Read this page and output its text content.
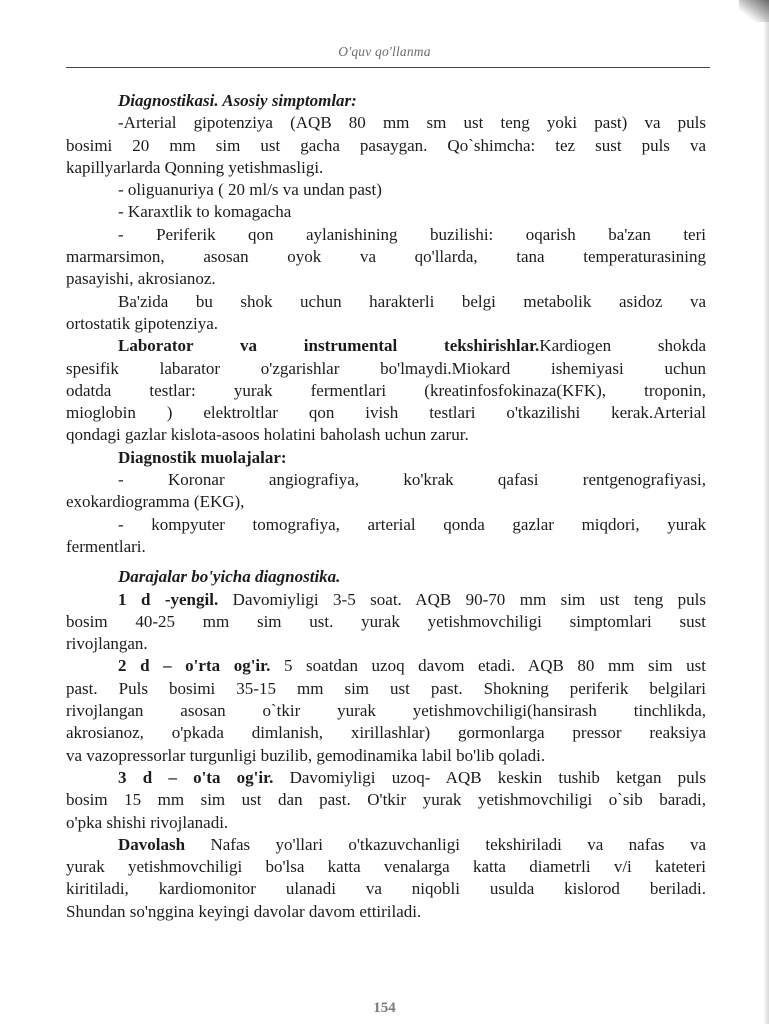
O'quv qo'llanma
Diagnostikasi. Asosiy simptomlar:
-Arterial gipotenziya (AQB 80 mm sm ust teng yoki past) va puls
bosimi 20 mm sim ust gacha pasaygan. Qo`shimcha: tez sust puls va
kapillyarlarda Qonning yetishmasligi.
- oliguanuriya ( 20 ml/s va undan past)
- Karaxtlik to komagacha
- Periferik qon aylanishining buzilishi: oqarish ba'zan teri
marmarsimon, asosan oyok va qo'llarda, tana temperaturasining
pasayishi, akrosianoz.
Ba'zida bu shok uchun harakterli belgi metabolik asidoz va
ortostatik gipotenziya.
Laborator va instrumental tekshirishlar.Kardiogen shokda
spesifik labarator o'zgarishlar bo'lmaydi.Miokard ishemiyasi uchun
odatda testlar: yurak fermentlari (kreatinfosfokinaza(KFK), troponin,
mioglobin ) elektroltlar qon ivish testlari o'tkazilishi kerak.Arterial
qondagi gazlar kislota-asoos holatini baholash uchun zarur.
Diagnostik muolajalar:
- Koronar angiografiya, ko'krak qafasi rentgenografiyasi,
exokardiogramma (EKG),
- kompyuter tomografiya, arterial qonda gazlar miqdori, yurak
fermentlari.
Darajalar bo'yicha diagnostika.
1 d -yengil. Davomiyligi 3-5 soat. AQB 90-70 mm sim ust teng puls
bosim 40-25 mm sim ust. yurak yetishmovchiligi simptomlari sust
rivojlangan.
2 d – o'rta og'ir. 5 soatdan uzoq davom etadi. AQB 80 mm sim ust
past. Puls bosimi 35-15 mm sim ust past. Shokning periferik belgilari
rivojlangan asosan o`tkir yurak yetishmovchiligi(hansirash tinchlikda,
akrosianoz, o'pkada dimlanish, xirillashlar) gormonlarga pressor reaksiya
va vazopressorlar turgunligi buzilib, gemodinamika labil bo'lib qoladi.
3 d – o'ta og'ir. Davomiyligi uzoq- AQB keskin tushib ketgan puls
bosim 15 mm sim ust dan past. O'tkir yurak yetishmovchiligi o`sib baradi,
o'pka shishi rivojlanadi.
Davolash Nafas yo'llari o'tkazuvchanligi tekshiriladi va nafas va
yurak yetishmovchiligi bo'lsa katta venalarga katta diametrli v/i kateteri
kiritiladi, kardiomonitor ulanadi va niqobli usulda kislorod beriladi.
Shundan so'nggina keyingi davolar davom ettiriladi.
154
